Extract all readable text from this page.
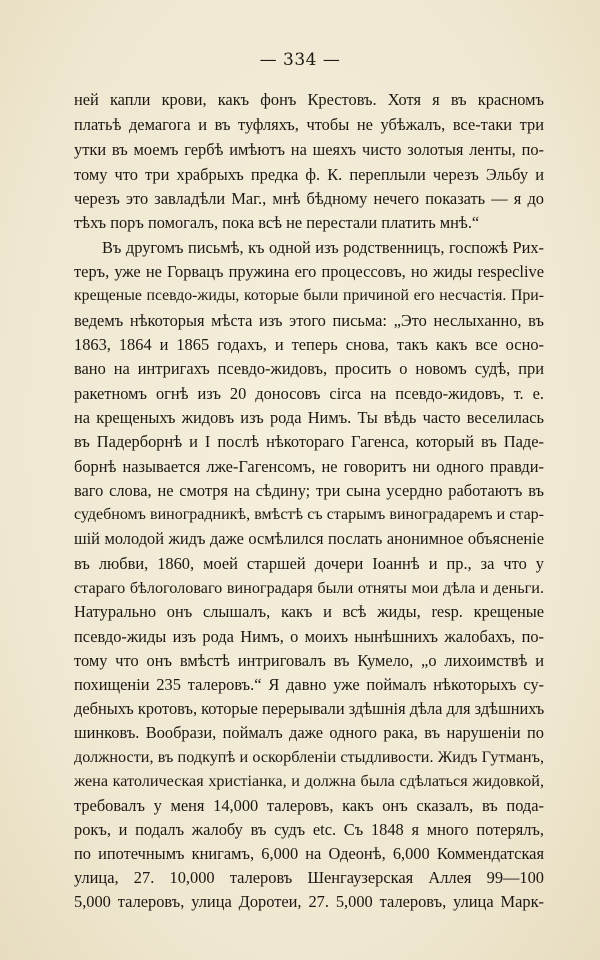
— 334 —
ней капли крови, какъ фонъ Крестовъ. Хотя я въ красномъ
платьѣ демагога и въ туфляхъ, чтобы не убѣжалъ, все-таки три
утки въ моемъ гербѣ имѣютъ на шеяхъ чисто золотыя ленты, по-
тому что три храбрыхъ предка ф. К. переплыли черезъ Эльбу и
черезъ это завладѣли Маг., мнѣ бѣдному нечего показать — я до
тѣхъ поръ помогалъ, пока всѣ не перестали платить мнѣ.“
Въ другомъ письмѣ, къ одной изъ родственницъ, госпожѣ Рих-
теръ, уже не Горвацъ пружина его процессовъ, но жиды resрeclive
крещеные псевдо-жиды, которые были причиной его несчастія. При-
ведемъ нѣкоторыя мѣста изъ этого письма: „Это неслыханно, въ
1863, 1864 и 1865 годахъ, и теперь снова, такъ какъ все осно-
вано на интригахъ псевдо-жидовъ, просить о новомъ судѣ, при
ракетномъ огнѣ изъ 20 доносовъ circa на псевдо-жидовъ, т. е.
на крещеныхъ жидовъ изъ рода Нимъ. Ты вѣдь часто веселилась
въ Падерборнѣ и I послѣ нѣкотораго Гагенса, который въ Паде-
борнѣ называется лже-Гагенсомъ, не говоритъ ни одного правди-
ваго слова, не смотря на сѣдину; три сына усердно работаютъ въ
судебномъ виноградникѣ, вмѣстѣ съ старымъ виноградаремъ и стар-
шій молодой жидъ даже осмѣлился послать анонимное объясненіе
въ любви, 1860, моей старшей дочери Іоаннѣ и пр., за что у
стараго бѣлоголоваго виноградаря были отняты мои дѣла и деньги.
Натурально онъ слышалъ, какъ и всѣ жиды, resp. крещеные
псевдо-жиды изъ рода Нимъ, о моихъ нынѣшнихъ жалобахъ, по-
тому что онъ вмѣстѣ интриговалъ въ Кумело, „о лихоимствѣ и
похищеніи 235 талеровъ.“ Я давно уже поймалъ нѣкоторыхъ су-
дебныхъ кротовъ, которые перерывали здѣшнія дѣла для здѣшнихъ
шинковъ. Вообрази, поймалъ даже одного рака, въ нарушеніи по
должности, въ подкупѣ и оскорбленіи стыдливости. Жидъ Гутманъ,
жена католическая христіанка, и должна была сдѣлаться жидовкой,
требовалъ у меня 14,000 талеровъ, какъ онъ сказалъ, въ пода-
рокъ, и подалъ жалобу въ судъ etc. Съ 1848 я много потерялъ,
по ипотечнымъ книгамъ, 6,000 на Одеонѣ, 6,000 Коммендатская
улица, 27. 10,000 талеровъ Шенгаузерская Аллея 99—100
5,000 талеровъ, улица Доротеи, 27. 5,000 талеровъ, улица Марк-
